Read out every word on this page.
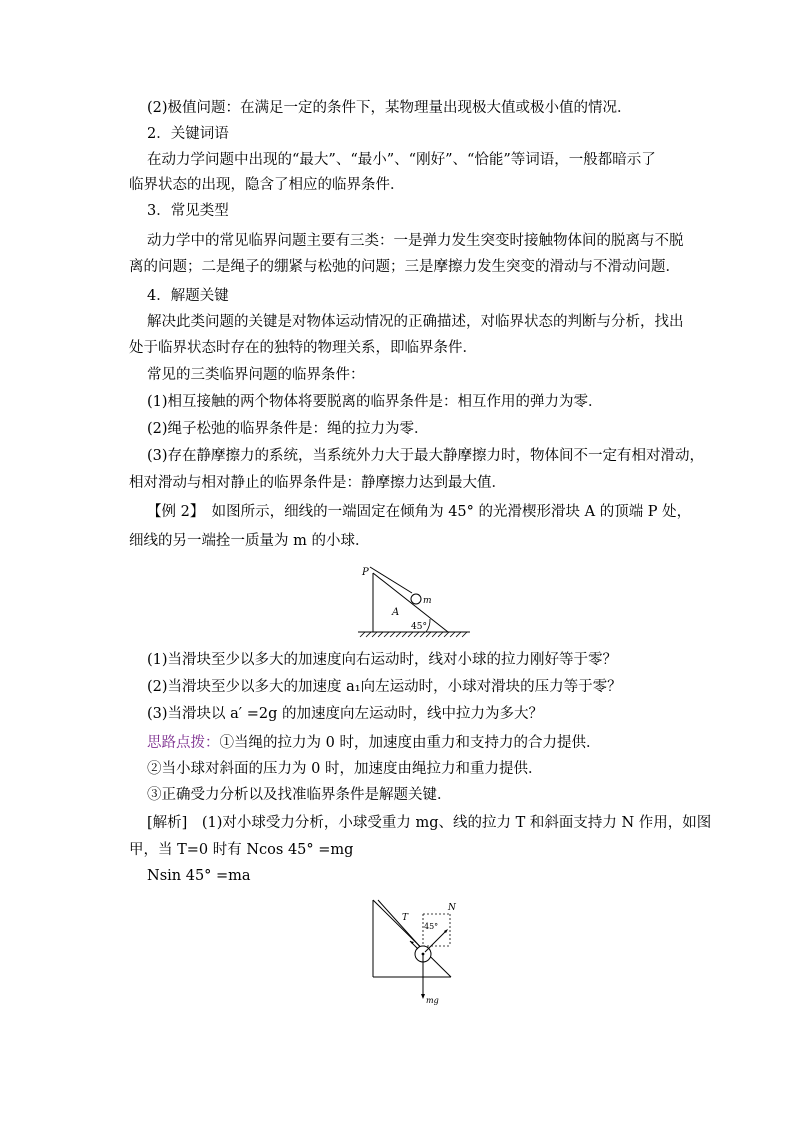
(2)极值问题：在满足一定的条件下，某物理量出现极大值或极小值的情况．
2．关键词语
在动力学问题中出现的“最大”、“最小”、“刚好”、“恰能”等词语，一般都暗示了
临界状态的出现，隐含了相应的临界条件．
3．常见类型
动力学中的常见临界问题主要有三类：一是弹力发生突变时接触物体间的脱离与不脱
离的问题；二是绳子的绷紧与松弛的问题；三是摩擦力发生突变的滑动与不滑动问题．
4．解题关键
解决此类问题的关键是对物体运动情况的正确描述，对临界状态的判断与分析，找出
处于临界状态时存在的独特的物理关系，即临界条件．
常见的三类临界问题的临界条件：
(1)相互接触的两个物体将要脱离的临界条件是：相互作用的弹力为零．
(2)绳子松弛的临界条件是：绳的拉力为零．
(3)存在静摩擦力的系统，当系统外力大于最大静摩擦力时，物体间不一定有相对滑动，
相对滑动与相对静止的临界条件是：静摩擦力达到最大值．
【例 2】　如图所示，细线的一端固定在倾角为 45° 的光滑楔形滑块 A 的顶端 P 处，
细线的另一端拴一质量为 m 的小球．
P
m
A
45°
(1)当滑块至少以多大的加速度向右运动时，线对小球的拉力刚好等于零？
(2)当滑块至少以多大的加速度 a₁向左运动时，小球对滑块的压力等于零？
(3)当滑块以 a′ =2g 的加速度向左运动时，线中拉力为多大？
思路点拨：①当绳的拉力为 0 时，加速度由重力和支持力的合力提供．
②当小球对斜面的压力为 0 时，加速度由绳拉力和重力提供．
③正确受力分析以及找准临界条件是解题关键．
[解析]　(1)对小球受力分析，小球受重力 mg、线的拉力 T 和斜面支持力 N 作用，如图
甲，当 T=0 时有 Ncos 45° =mg
Nsin 45° =ma
T
N
45°
mg
